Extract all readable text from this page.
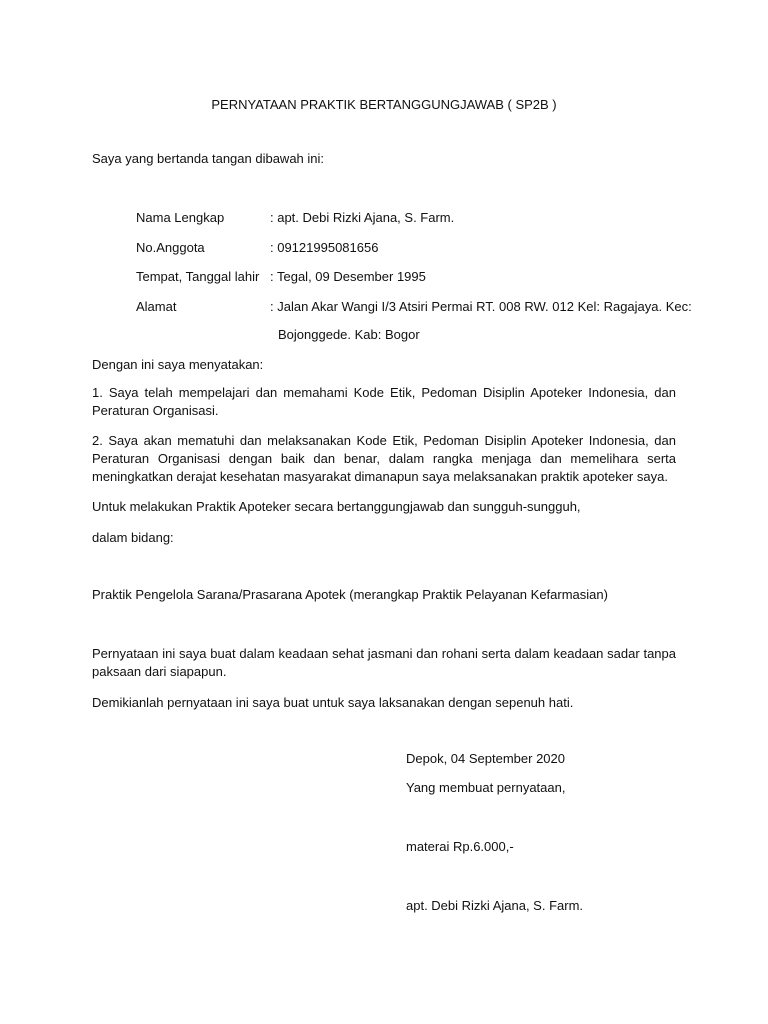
PERNYATAAN PRAKTIK BERTANGGUNGJAWAB ( SP2B )
Saya yang bertanda tangan dibawah ini:
Nama Lengkap	: apt. Debi Rizki Ajana, S. Farm.
No.Anggota	: 09121995081656
Tempat, Tanggal lahir : Tegal, 09 Desember 1995
Alamat	: Jalan Akar Wangi I/3 Atsiri Permai RT. 008 RW. 012 Kel: Ragajaya. Kec:
Bojonggede. Kab: Bogor
Dengan ini saya menyatakan:
1. Saya telah mempelajari dan memahami Kode Etik, Pedoman Disiplin Apoteker Indonesia, dan Peraturan Organisasi.
2. Saya akan mematuhi dan melaksanakan Kode Etik, Pedoman Disiplin Apoteker Indonesia, dan Peraturan Organisasi dengan baik dan benar, dalam rangka menjaga dan memelihara serta meningkatkan derajat kesehatan masyarakat dimanapun saya melaksanakan praktik apoteker saya.
Untuk melakukan Praktik Apoteker secara bertanggungjawab dan sungguh-sungguh,
dalam bidang:
Praktik Pengelola Sarana/Prasarana Apotek (merangkap Praktik Pelayanan Kefarmasian)
Pernyataan ini saya buat dalam keadaan sehat jasmani dan rohani serta dalam keadaan sadar tanpa paksaan dari siapapun.
Demikianlah pernyataan ini saya buat untuk saya laksanakan dengan sepenuh hati.
Depok, 04 September 2020
Yang membuat pernyataan,
materai Rp.6.000,-
apt. Debi Rizki Ajana, S. Farm.
